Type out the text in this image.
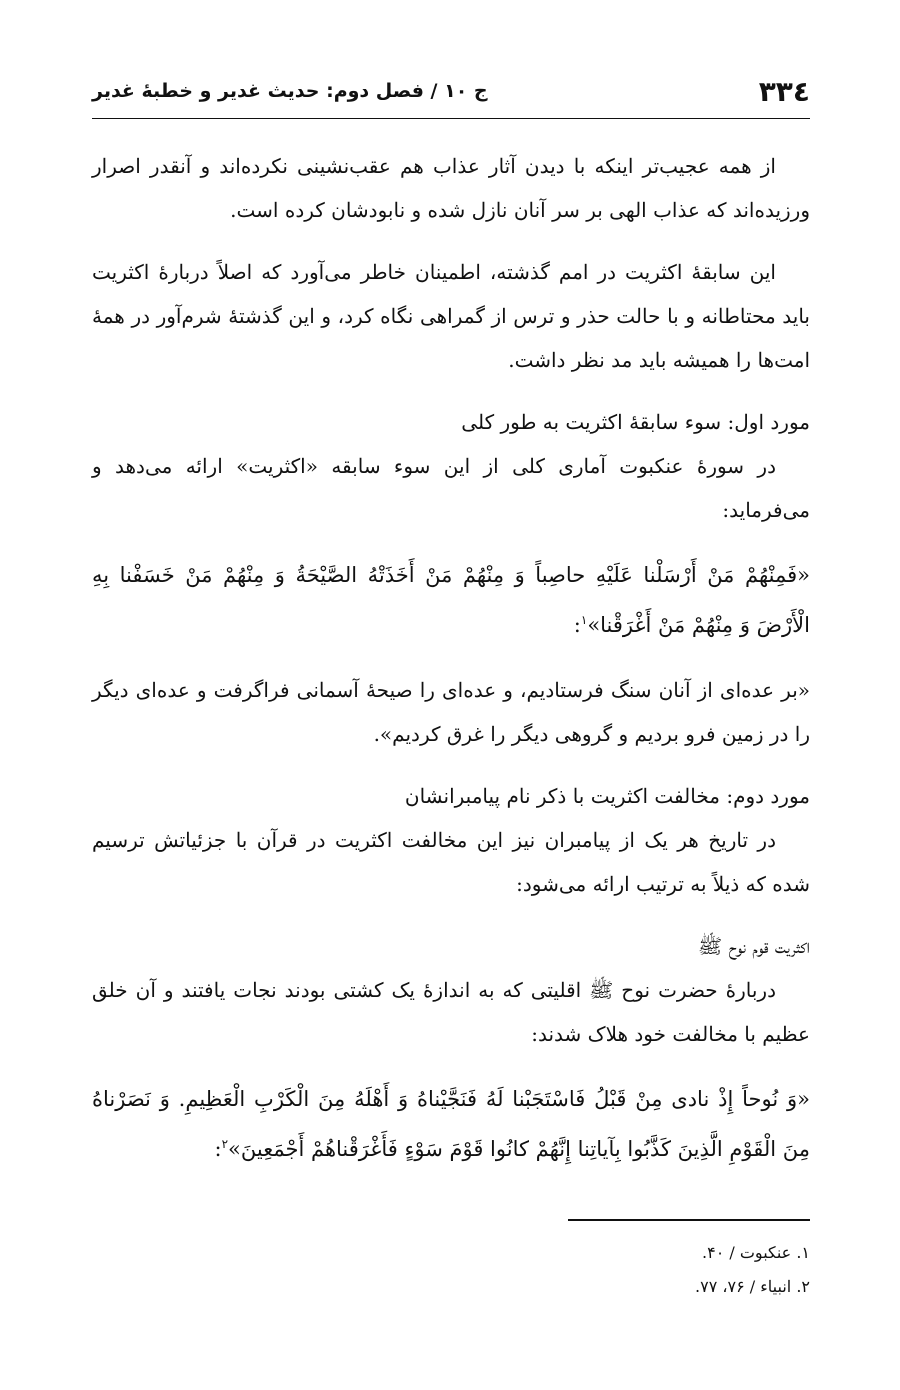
۳۳٤
ج ۱۰ / فصل دوم: حديث غدير و خطبهٔ غدير

از همه عجيب‌تر اينكه با ديدن آثار عذاب هم عقب‌نشينى نكرده‌اند و آنقدر اصرار ورزيده‌اند كه عذاب الهى بر سر آنان نازل شده و نابودشان كرده است.

اين سابقهٔ اكثريت در امم گذشته، اطمينان خاطر مى‌آورد كه اصلاً دربارهٔ اكثريت بايد محتاطانه و با حالت حذر و ترس از گمراهى نگاه كرد، و اين گذشتهٔ شرم‌آور در همهٔ امت‌ها را هميشه بايد مد نظر داشت.

مورد اول: سوء سابقهٔ اكثريت به طور كلى

در سورهٔ عنكبوت آمارى كلى از اين سوء سابقه «اكثريت» ارائه مى‌دهد و مى‌فرمايد:

«فَمِنْهُمْ مَنْ أَرْسَلْنا عَلَيْهِ حاصِباً وَ مِنْهُمْ مَنْ أَخَذَتْهُ الصَّيْحَةُ وَ مِنْهُمْ مَنْ خَسَفْنا بِهِ الْأَرْضَ وَ مِنْهُمْ مَنْ أَغْرَقْنا»$^۱$:

«بر عده‌اى از آنان سنگ فرستاديم، و عده‌اى را صيحهٔ آسمانى فراگرفت و عده‌اى ديگر را در زمين فرو برديم و گروهى ديگر را غرق كرديم».

مورد دوم: مخالفت اكثريت با ذكر نام پيامبرانشان

در تاريخ هر يک از پيامبران نيز اين مخالفت اكثريت در قرآن با جزئياتش ترسيم شده كه ذيلاً به ترتيب ارائه مى‌شود:

اكثريت قوم نوح ﷺ

دربارهٔ حضرت نوح ﷺ اقليتى كه به اندازهٔ يک كشتى بودند نجات يافتند و آن خلق عظيم با مخالفت خود هلاک شدند:

«وَ نُوحاً إِذْ نادى مِنْ قَبْلُ فَاسْتَجَبْنا لَهُ فَنَجَّيْناهُ وَ أَهْلَهُ مِنَ الْكَرْبِ الْعَظِيمِ. وَ نَصَرْناهُ مِنَ الْقَوْمِ الَّذِينَ كَذَّبُوا بِآياتِنا إِنَّهُمْ كانُوا قَوْمَ سَوْءٍ فَأَغْرَقْناهُمْ أَجْمَعِينَ»$^۲$:

۱. عنكبوت / ۴۰.

۲. انبياء / ۷۶، ۷۷.
